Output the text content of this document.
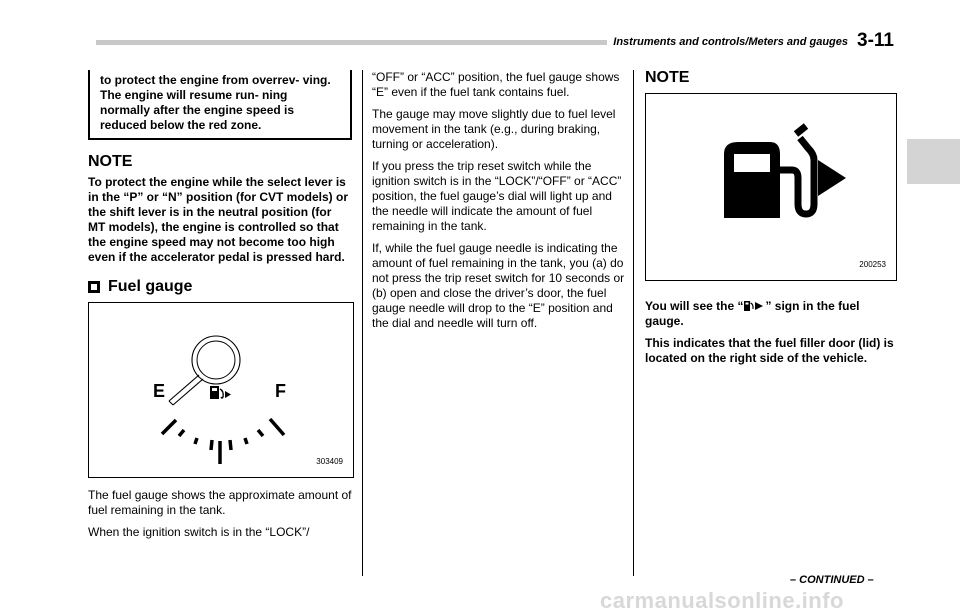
Instruments and controls/Meters and gauges 3-11
to protect the engine from overrev- ving. The engine will resume run- ning normally after the engine speed is reduced below the red zone.
NOTE
To protect the engine while the select lever is in the “P” or “N” position (for CVT models) or the shift lever is in the neutral position (for MT models), the engine is controlled so that the engine speed may not become too high even if the accelerator pedal is pressed hard.
Fuel gauge
E	F
303409

The fuel gauge shows the approximate amount of fuel remaining in the tank.

When the ignition switch is in the “LOCK”/

“OFF” or “ACC” position, the fuel gauge shows “E” even if the fuel tank contains fuel.

The gauge may move slightly due to fuel level movement in the tank (e.g., during braking, turning or acceleration).

If you press the trip reset switch while the ignition switch is in the “LOCK”/“OFF” or “ACC” position, the fuel gauge’s dial will light up and the needle will indicate the amount of fuel remaining in the tank.

If, while the fuel gauge needle is indicating the amount of fuel remaining in the tank, you (a) do not press the trip reset switch for 10 seconds or (b) open and close the driver’s door, the fuel gauge needle will drop to the “E” position and the dial and needle will turn off.

NOTE
200253

You will see the “ ” sign in the fuel gauge.

This indicates that the fuel filler door (lid) is located on the right side of the vehicle.

– CONTINUED –
carmanualsonline.info
